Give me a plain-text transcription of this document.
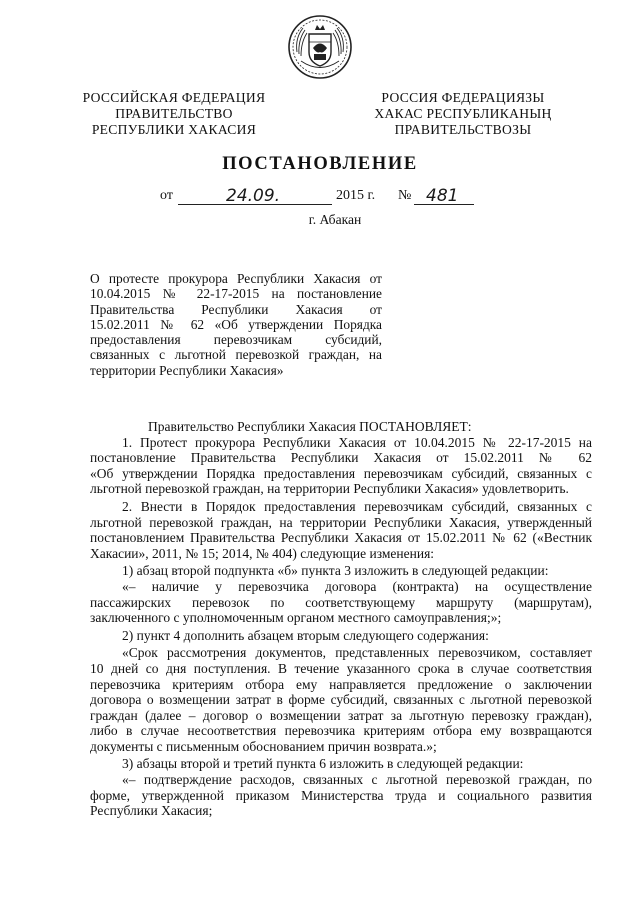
РОССИЙСКАЯ ФЕДЕРАЦИЯ
ПРАВИТЕЛЬСТВО
РЕСПУБЛИКИ ХАКАСИЯ
РОССИЯ ФЕДЕРАЦИЯЗЫ
ХАКАС РЕСПУБЛИКАНЫҢ
ПРАВИТЕЛЬСТВОЗЫ
ПОСТАНОВЛЕНИЕ
от	24.09.	2015 г. № 481
г. Абакан
О протесте прокурора Республики Хакасия от
10.04.2015 № 22-17-2015 на постановление
Правительства Республики Хакасия от
15.02.2011 № 62 «Об утверждении Порядка
предоставления перевозчикам субсидий,
связанных с льготной перевозкой граждан, на
территории Республики Хакасия»
Правительство Республики Хакасия ПОСТАНОВЛЯЕТ:
1. Протест прокурора Республики Хакасия от 10.04.2015 № 22-17-2015 на
постановление Правительства Республики Хакасия от 15.02.2011 № 62
«Об утверждении Порядка предоставления перевозчикам субсидий, связанных с
льготной перевозкой граждан, на территории Республики Хакасия» удовлетворить.
2. Внести в Порядок предоставления перевозчикам субсидий, связанных с
льготной перевозкой граждан, на территории Республики Хакасия, утвержденный
постановлением Правительства Республики Хакасия от 15.02.2011 № 62 («Вестник
Хакасии», 2011, № 15; 2014, № 404) следующие изменения:
1) абзац второй подпункта «б» пункта 3 изложить в следующей редакции:
«– наличие у перевозчика договора (контракта) на осуществление
пассажирских перевозок по соответствующему маршруту (маршрутам),
заключенного с уполномоченным органом местного самоуправления;»;
2) пункт 4 дополнить абзацем вторым следующего содержания:
«Срок рассмотрения документов, представленных перевозчиком, составляет
10 дней со дня поступления. В течение указанного срока в случае соответствия
перевозчика критериям отбора ему направляется предложение о заключении
договора о возмещении затрат в форме субсидий, связанных с льготной перевозкой
граждан (далее – договор о возмещении затрат за льготную перевозку граждан),
либо в случае несоответствия перевозчика критериям отбора ему возвращаются
документы с письменным обоснованием причин возврата.»;
3) абзацы второй и третий пункта 6 изложить в следующей редакции:
«– подтверждение расходов, связанных с льготной перевозкой граждан, по
форме, утвержденной приказом Министерства труда и социального развития
Республики Хакасия;
